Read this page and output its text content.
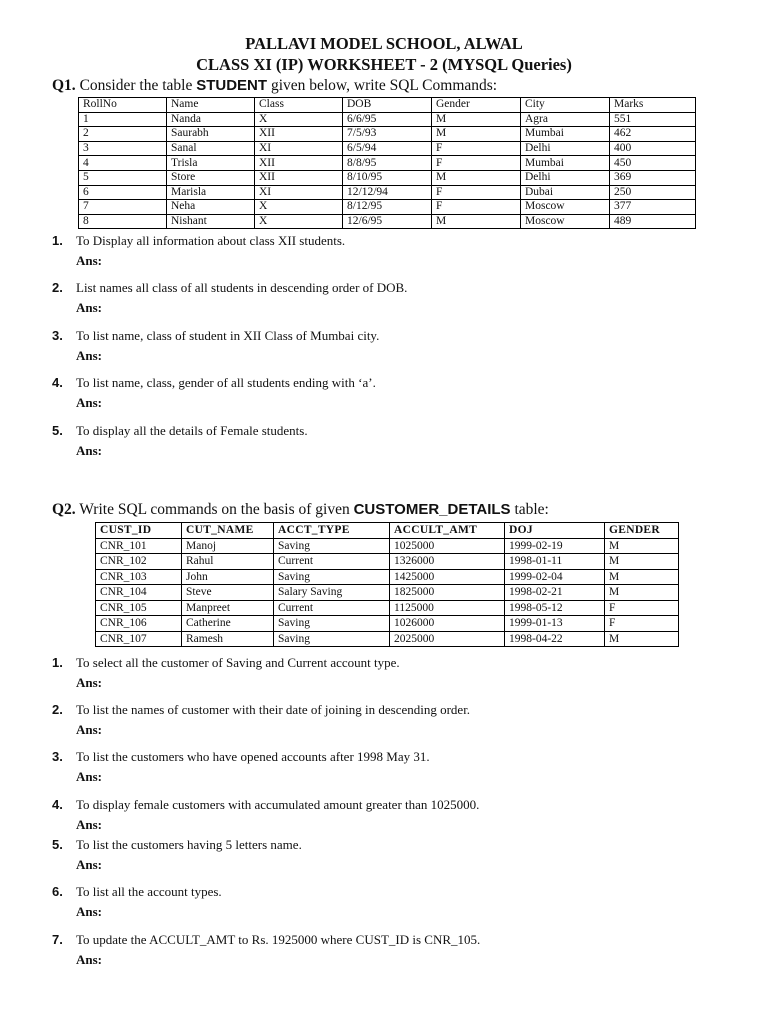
PALLAVI MODEL SCHOOL, ALWAL
CLASS XI (IP) WORKSHEET - 2 (MYSQL Queries)
Q1. Consider the table STUDENT given below, write SQL Commands:
RollNo	Name	Class	DOB	Gender	City	Marks
1	Nanda	X	6/6/95	M	Agra	551
2	Saurabh	XII	7/5/93	M	Mumbai	462
3	Sanal	XI	6/5/94	F	Delhi	400
4	Trisla	XII	8/8/95	F	Mumbai	450
5	Store	XII	8/10/95	M	Delhi	369
6	Marisla	XI	12/12/94	F	Dubai	250
7	Neha	X	8/12/95	F	Moscow	377
8	Nishant	X	12/6/95	M	Moscow	489
1. To Display all information about class XII students.
Ans:
2. List names all class of all students in descending order of DOB.
Ans:
3. To list name, class of student in XII Class of Mumbai city.
Ans:
4. To list name, class, gender of all students ending with ‘a’.
Ans:
5. To display all the details of Female students.
Ans:
Q2. Write SQL commands on the basis of given CUSTOMER_DETAILS table:
CUST_ID	CUT_NAME	ACCT_TYPE	ACCULT_AMT	DOJ	GENDER
CNR_101	Manoj	Saving	1025000	1999-02-19	M
CNR_102	Rahul	Current	1326000	1998-01-11	M
CNR_103	John	Saving	1425000	1999-02-04	M
CNR_104	Steve	Salary Saving	1825000	1998-02-21	M
CNR_105	Manpreet	Current	1125000	1998-05-12	F
CNR_106	Catherine	Saving	1026000	1999-01-13	F
CNR_107	Ramesh	Saving	2025000	1998-04-22	M
1. To select all the customer of Saving and Current account type.
Ans:
2. To list the names of customer with their date of joining in descending order.
Ans:
3. To list the customers who have opened accounts after 1998 May 31.
Ans:
4. To display female customers with accumulated amount greater than 1025000.
Ans:
5. To list the customers having 5 letters name.
Ans:
6. To list all the account types.
Ans:
7. To update the ACCULT_AMT to Rs. 1925000 where CUST_ID is CNR_105.
Ans:
